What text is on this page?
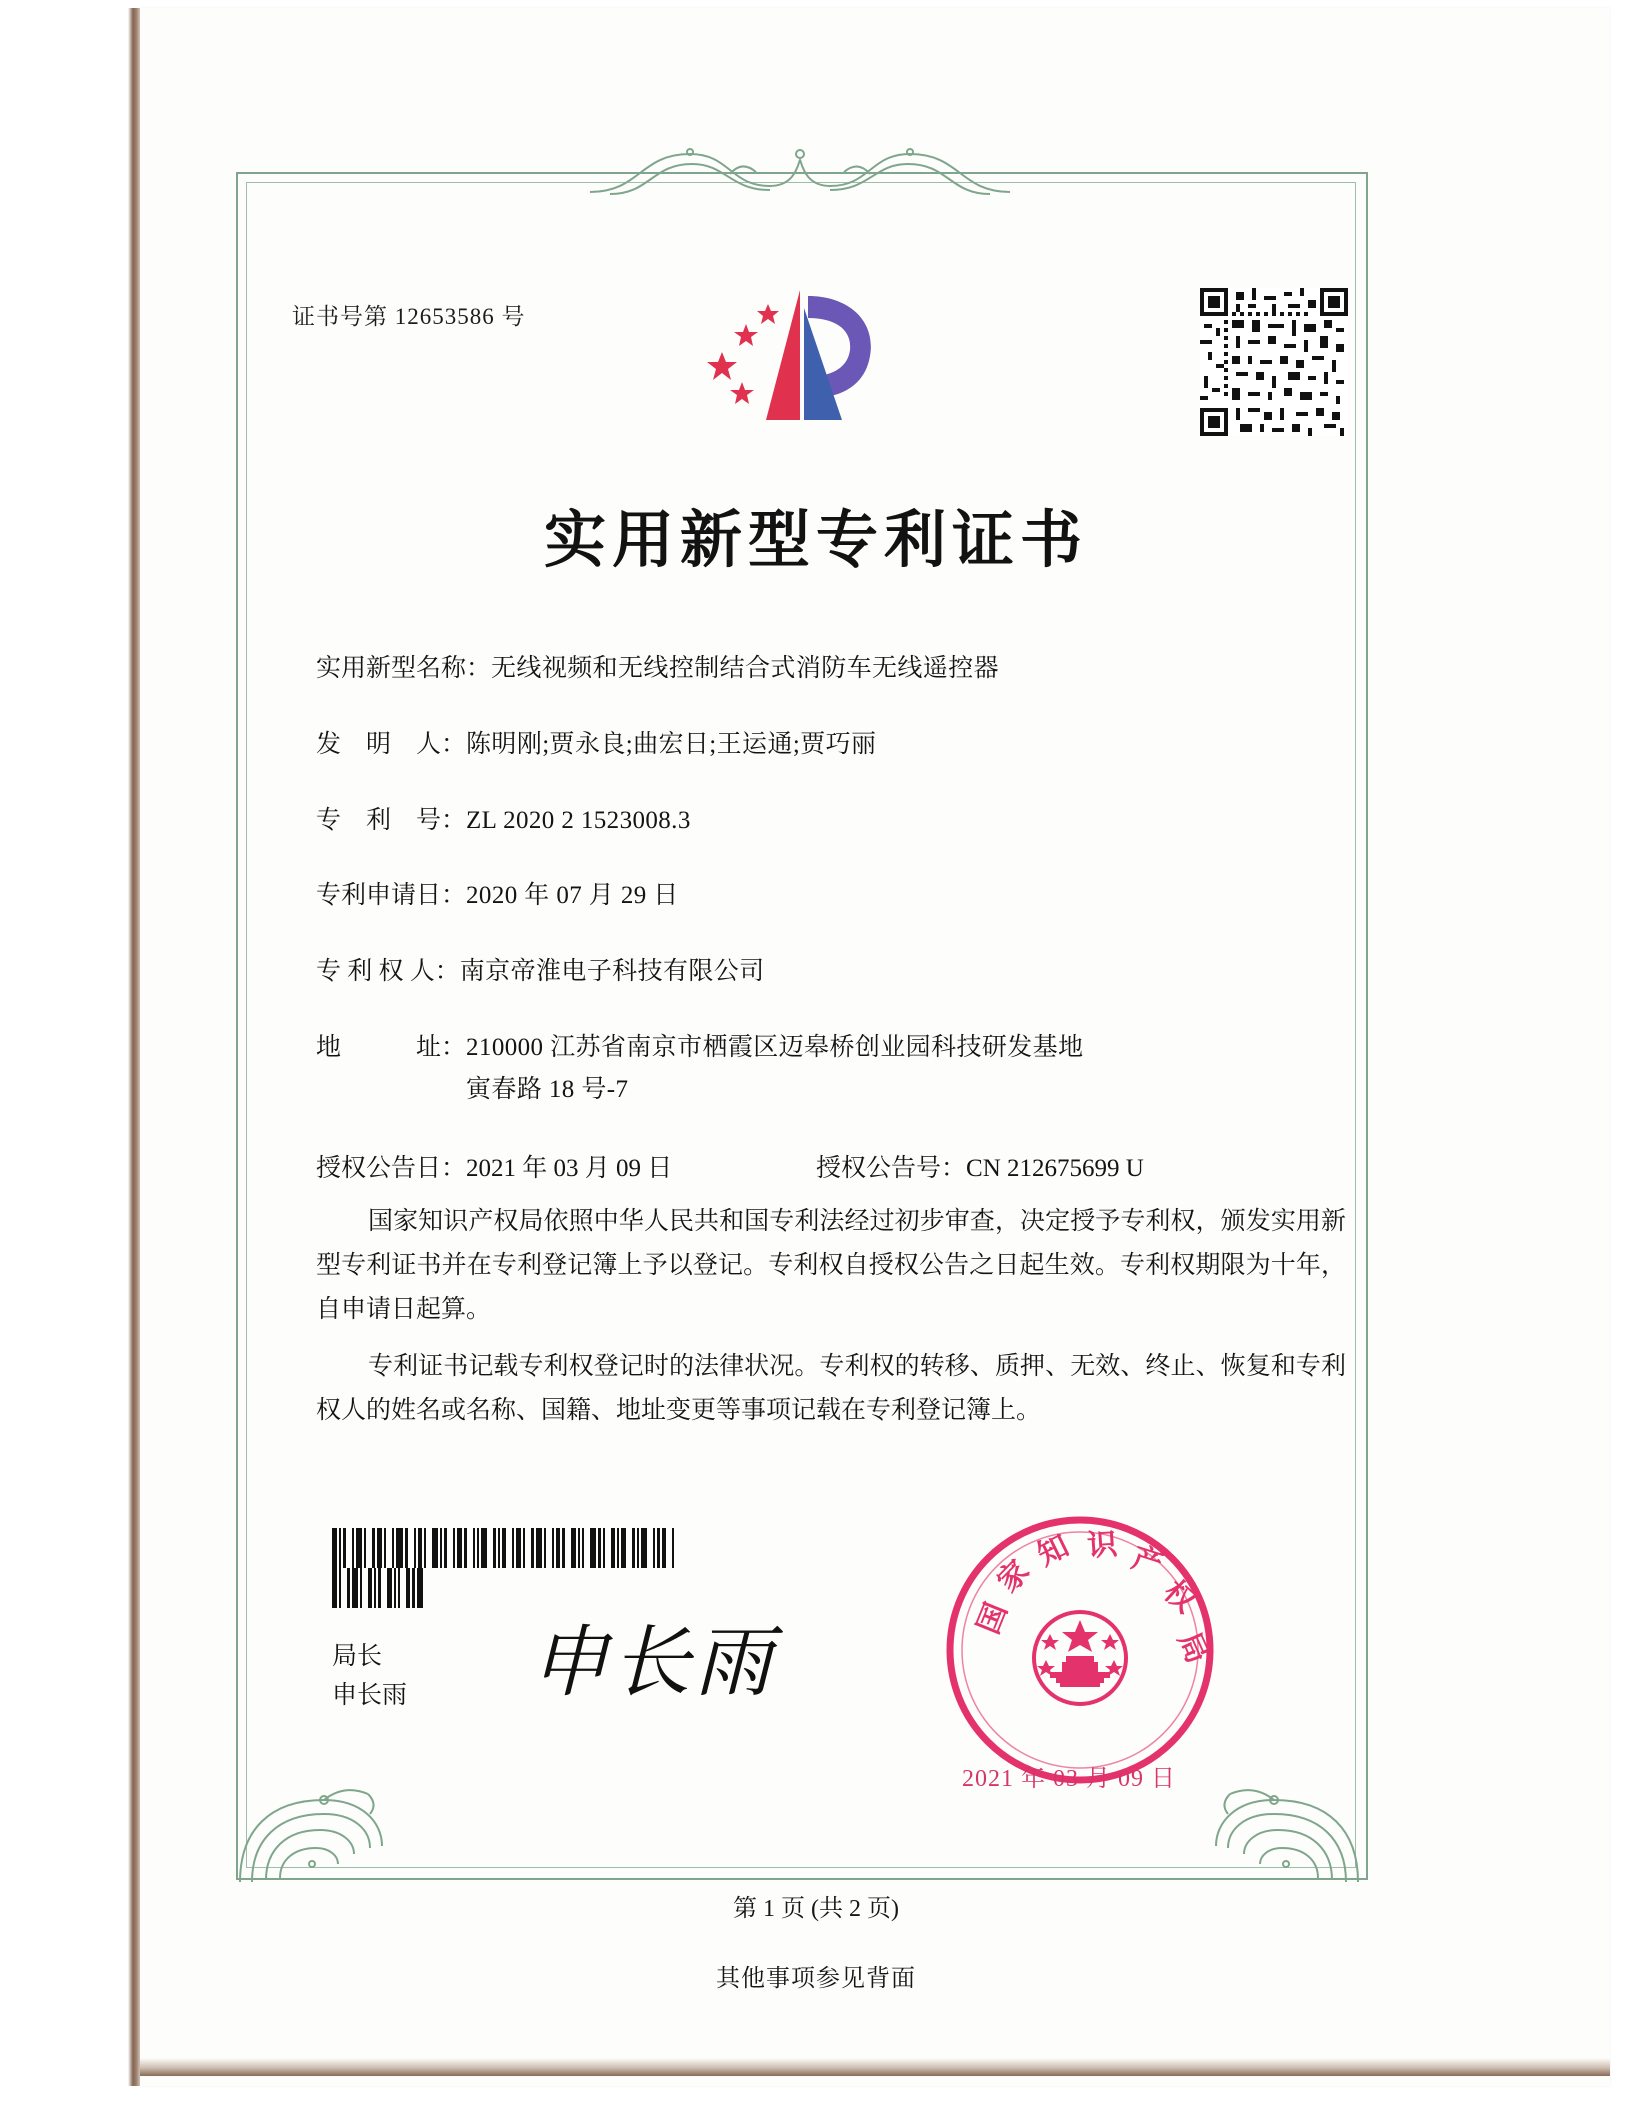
证书号第 12653586 号
实用新型专利证书
实用新型名称： 无线视频和无线控制结合式消防车无线遥控器
发　明　人： 陈明刚;贾永良;曲宏日;王运通;贾巧丽
专　利　号： ZL 2020 2 1523008.3
专利申请日： 2020 年 07 月 29 日
专 利 权 人： 南京帝淮电子科技有限公司
地　　　址： 210000 江苏省南京市栖霞区迈皋桥创业园科技研发基地
寅春路 18 号-7
授权公告日：2021 年 03 月 09 日	授权公告号：CN 212675699 U
国家知识产权局依照中华人民共和国专利法经过初步审查，决定授予专利权，颁发实用新型专利证书并在专利登记簿上予以登记。专利权自授权公告之日起生效。专利权期限为十年，自申请日起算。
专利证书记载专利权登记时的法律状况。专利权的转移、质押、无效、终止、恢复和专利权人的姓名或名称、国籍、地址变更等事项记载在专利登记簿上。

局长
申长雨 申长雨
国
家
知 识 产
权
局
2021 年 03 月 09 日
第 1 页 (共 2 页)
其他事项参见背面
